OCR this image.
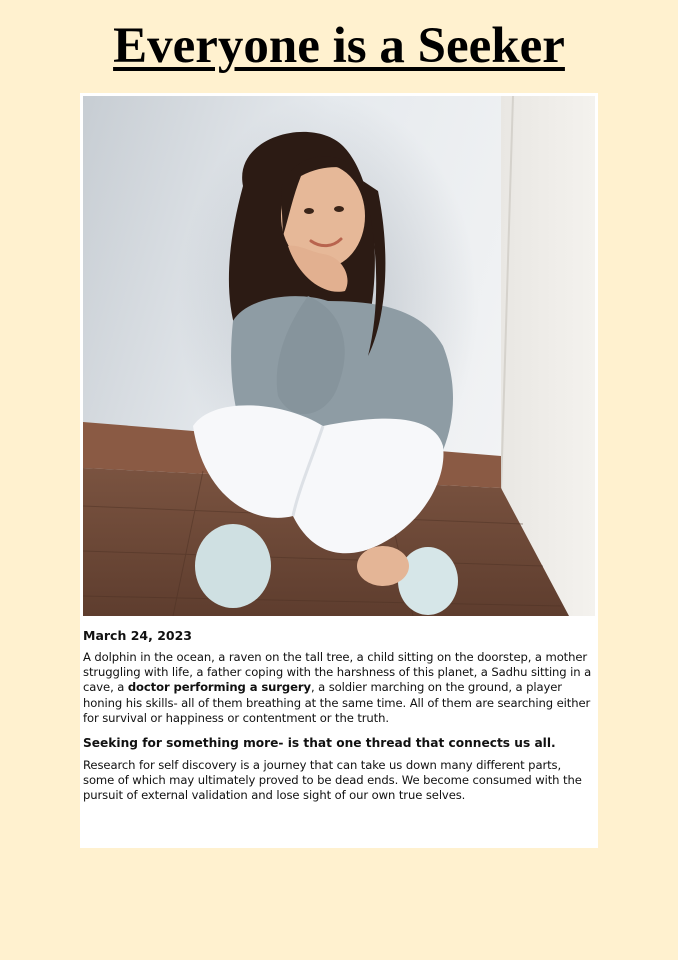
Everyone is a Seeker

March 24, 2023

A dolphin in the ocean, a raven on the tall tree, a child sitting on the doorstep, a mother struggling with life, a father coping with the harshness of this planet, a Sadhu sitting in a cave, a doctor performing a surgery, a soldier marching on the ground, a player honing his skills- all of them breathing at the same time. All of them are searching either for survival or happiness or contentment or the truth.

Seeking for something more- is that one thread that connects us all.

Research for self discovery is a journey that can take us down many different parts, some of which may ultimately proved to be dead ends. We become consumed with the pursuit of external validation and lose sight of our own true selves.
